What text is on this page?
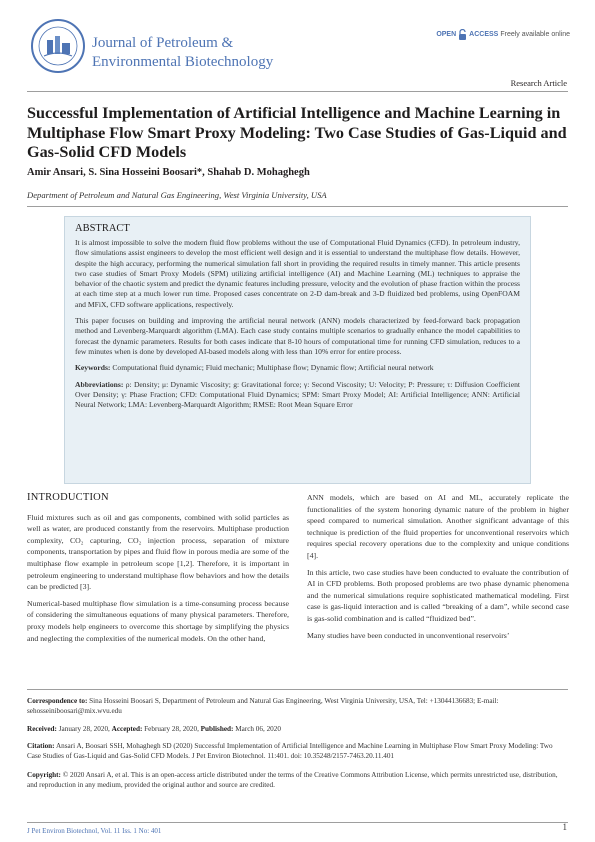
Journal of Petroleum &
Environmental Biotechnology
OPEN ACCESS Freely available online
Research Article
Successful Implementation of Artificial Intelligence and Machine Learning in Multiphase Flow Smart Proxy Modeling: Two Case Studies of Gas-Liquid and Gas-Solid CFD Models
Amir Ansari, S. Sina Hosseini Boosari*, Shahab D. Mohaghegh
Department of Petroleum and Natural Gas Engineering, West Virginia University, USA
ABSTRACT

It is almost impossible to solve the modern fluid flow problems without the use of Computational Fluid Dynamics (CFD). In petroleum industry, flow simulations assist engineers to develop the most efficient well design and it is essential to understand the multiphase flow details. However, despite the high accuracy, performing the numerical simulation fall short in providing the required results in timely manner. This article presents two case studies of Smart Proxy Models (SPM) utilizing artificial intelligence (AI) and Machine Learning (ML) techniques to appraise the behavior of the chaotic system and predict the dynamic features including pressure, velocity and the evolution of phase fraction within the process at each time step at a much lower run time. Proposed cases concentrate on 2-D dam-break and 3-D fluidized bed problems, using OpenFOAM and MFiX, CFD software applications, respectively.

This paper focuses on building and improving the artificial neural network (ANN) models characterized by feed-forward back propagation method and Levenberg-Marquardt algorithm (LMA). Each case study contains multiple scenarios to gradually enhance the model capabilities to forecast the dynamic parameters. Results for both cases indicate that 8-10 hours of computational time for running CFD simulation, reduces to a few minutes when is done by developed AI-based models along with less than 10% error for entire process.

Keywords: Computational fluid dynamic; Fluid mechanic; Multiphase flow; Dynamic flow; Artificial neural network

Abbreviations: ρ: Density; μ: Dynamic Viscosity; g: Gravitational force; γ: Second Viscosity; U: Velocity; P: Pressure; τ: Diffusion Coefficient Over Density; γ: Phase Fraction; CFD: Computational Fluid Dynamics; SPM: Smart Proxy Model; AI: Artificial Intelligence; ANN: Artificial Neural Network; LMA: Levenberg-Marquardt Algorithm; RMSE: Root Mean Square Error

INTRODUCTION

Fluid mixtures such as oil and gas components, combined with solid particles as well as water, are produced constantly from the reservoirs. Multiphase production complexity, CO₂ capturing, CO₂ injection process, separation of mixture components, transportation by pipes and fluid flow in porous media are some of the multiphase flow example in petroleum scope [1,2]. Therefore, it is important in petroleum engineering to understand multiphase flow behaviors and how the details can be predicted [3].

Numerical-based multiphase flow simulation is a time-consuming process because of considering the simultaneous equations of many physical parameters. Therefore, proxy models help engineers to overcome this shortage by simplifying the physics and neglecting the complexities of the numerical models. On the other hand,

ANN models, which are based on AI and ML, accurately replicate the functionalities of the system honoring dynamic nature of the problem in higher speed compared to numerical simulation. Another significant advantage of this technique is prediction of the fluid properties for unconventional reservoirs which requires special recovery operations due to the complexity and unique conditions [4].

In this article, two case studies have been conducted to evaluate the contribution of AI in CFD problems. Both proposed problems are two phase dynamic phenomena and the numerical simulations require sophisticated mathematical modeling. First case is gas-liquid interaction and is called “breaking of a dam”, while second case is gas-solid combination and is called “fluidized bed”.

Many studies have been conducted in unconventional reservoirs’

Correspondence to: Sina Hosseini Boosari S, Department of Petroleum and Natural Gas Engineering, West Virginia University, USA, Tel: +13044136683; E-mail: sehosseiniboosari@mix.wvu.edu
Received: January 28, 2020, Accepted: February 28, 2020, Published: March 06, 2020
Citation: Ansari A, Boosari SSH, Mohaghegh SD (2020) Successful Implementation of Artificial Intelligence and Machine Learning in Multiphase Flow Smart Proxy Modeling: Two Case Studies of Gas-Liquid and Gas-Solid CFD Models. J Pet Environ Biotechnol. 11:401. doi: 10.35248/2157-7463.20.11.401
Copyright: © 2020 Ansari A, et al. This is an open-access article distributed under the terms of the Creative Commons Attribution License, which permits unrestricted use, distribution, and reproduction in any medium, provided the original author and source are credited.
J Pet Environ Biotechnol, Vol. 11 Iss. 1 No: 401	1
